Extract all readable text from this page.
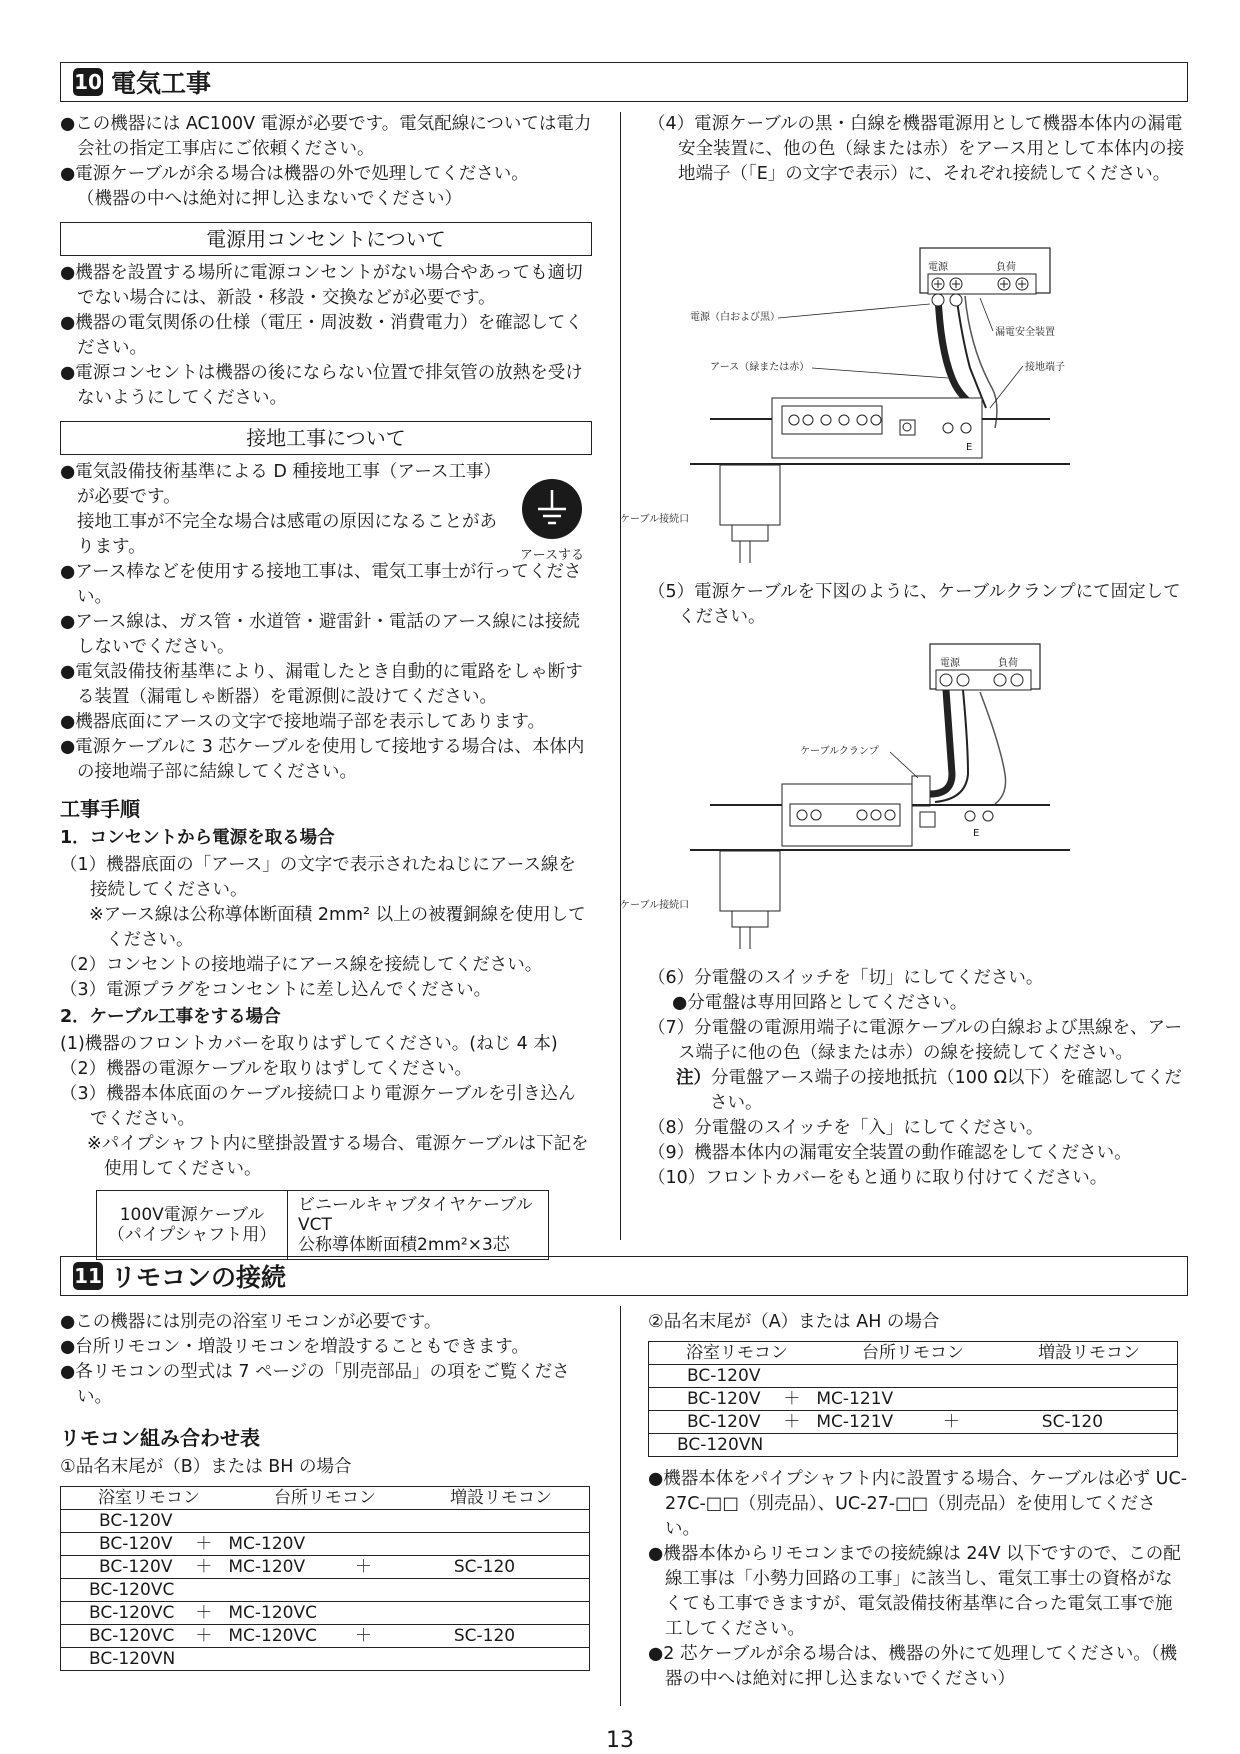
10 電気工事

●この機器には AC100V 電源が必要です。電気配線については電力会社の指定工事店にご依頼ください。

●電源ケーブルが余る場合は機器の外で処理してください。

（機器の中へは絶対に押し込まないでください）

電源用コンセントについて

●機器を設置する場所に電源コンセントがない場合やあっても適切でない場合には、新設・移設・交換などが必要です。

●機器の電気関係の仕様（電圧・周波数・消費電力）を確認してください。

●電源コンセントは機器の後にならない位置で排気管の放熱を受けないようにしてください。

接地工事について

●電気設備技術基準による D 種接地工事（アース工事）が必要です。

接地工事が不完全な場合は感電の原因になることがあります。

●アース棒などを使用する接地工事は、電気工事士が行ってください。

●アース線は、ガス管・水道管・避雷針・電話のアース線には接続しないでください。

●電気設備技術基準により、漏電したとき自動的に電路をしゃ断する装置（漏電しゃ断器）を電源側に設けてください。

●機器底面にアースの文字で接地端子部を表示してあります。

●電源ケーブルに 3 芯ケーブルを使用して接地する場合は、本体内の接地端子部に結線してください。

工事手順
1．コンセントから電源を取る場合

（1）機器底面の「アース」の文字で表示されたねじにアース線を接続してください。

※アース線は公称導体断面積 2mm² 以上の被覆銅線を使用してください。

（2）コンセントの接地端子にアース線を接続してください。

（3）電源プラグをコンセントに差し込んでください。

2．ケーブル工事をする場合

(1)機器のフロントカバーを取りはずしてください。(ねじ 4 本)

（2）機器の電源ケーブルを取りはずしてください。

（3）機器本体底面のケーブル接続口より電源ケーブルを引き込んでください。

※パイプシャフト内に壁掛設置する場合、電源ケーブルは下記を使用してください。

100V電源ケーブル
（パイプシャフト用）

ビニールキャブタイヤケーブル
VCT
公称導体断面積2mm²×3芯
アースする

（4）電源ケーブルの黒・白線を機器電源用として機器本体内の漏電安全装置に、他の色（緑または赤）をアース用として本体内の接地端子（「E」の文字で表示）に、それぞれ接続してください。

電源	負荷
電源（白および黒）
漏電安全装置
アース（緑または赤）	接地端子
E
ケーブル接続口

（5）電源ケーブルを下図のように、ケーブルクランプにて固定してください。

電源	負荷
ケーブルクランプ
E
ケーブル接続口

（6）分電盤のスイッチを「切」にしてください。

●分電盤は専用回路としてください。

（7）分電盤の電源用端子に電源ケーブルの白線および黒線を、アース端子に他の色（緑または赤）の線を接続してください。

注）分電盤アース端子の接地抵抗（100 Ω以下）を確認してください。

（8）分電盤のスイッチを「入」にしてください。

（9）機器本体内の漏電安全装置の動作確認をしてください。

（10）フロントカバーをもと通りに取り付けてください。

11 リモコンの接続

●この機器には別売の浴室リモコンが必要です。

●台所リモコン・増設リモコンを増設することもできます。

●各リモコンの型式は 7 ページの「別売部品」の項をご覧ください。

リモコン組み合わせ表

①品名末尾が（B）または BH の場合

浴室リモコン	台所リモコン	増設リモコン
BC-120V				
BC-120V	＋	MC-120V		
BC-120V	＋	MC-120V	＋	SC-120
BC-120VC				
BC-120VC	＋	MC-120VC		
BC-120VC	＋	MC-120VC	＋	SC-120
BC-120VN				

②品名末尾が（A）または AH の場合

浴室リモコン	台所リモコン	増設リモコン
BC-120V				
BC-120V	＋	MC-121V		
BC-120V	＋	MC-121V	＋	SC-120
BC-120VN				

●機器本体をパイプシャフト内に設置する場合、ケーブルは必ず UC-27C-□□（別売品）、UC-27-□□（別売品）を使用してください。

●機器本体からリモコンまでの接続線は 24V 以下ですので、この配線工事は「小勢力回路の工事」に該当し、電気工事士の資格がなくても工事できますが、電気設備技術基準に合った電気工事で施工してください。

●2 芯ケーブルが余る場合は、機器の外にて処理してください。（機器の中へは絶対に押し込まないでください）

13
